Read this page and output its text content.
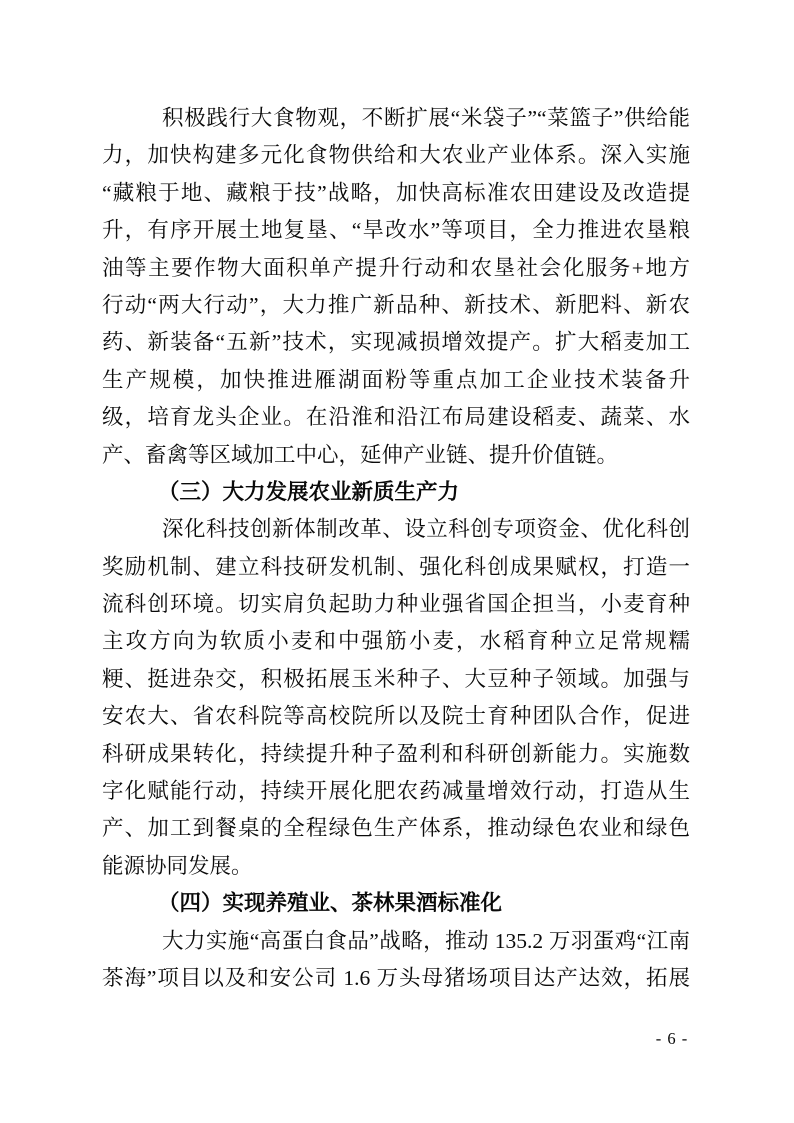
积极践行大食物观，不断扩展“米袋子”“菜篮子”供给能
力，加快构建多元化食物供给和大农业产业体系。深入实施
“藏粮于地、藏粮于技”战略，加快高标准农田建设及改造提
升，有序开展土地复垦、“旱改水”等项目，全力推进农垦粮
油等主要作物大面积单产提升行动和农垦社会化服务+地方
行动“两大行动”，大力推广新品种、新技术、新肥料、新农
药、新装备“五新”技术，实现减损增效提产。扩大稻麦加工
生产规模，加快推进雁湖面粉等重点加工企业技术装备升
级，培育龙头企业。在沿淮和沿江布局建设稻麦、蔬菜、水
产、畜禽等区域加工中心，延伸产业链、提升价值链。
（三）大力发展农业新质生产力
深化科技创新体制改革、设立科创专项资金、优化科创
奖励机制、建立科技研发机制、强化科创成果赋权，打造一
流科创环境。切实肩负起助力种业强省国企担当，小麦育种
主攻方向为软质小麦和中强筋小麦，水稻育种立足常规糯
粳、挺进杂交，积极拓展玉米种子、大豆种子领域。加强与
安农大、省农科院等高校院所以及院士育种团队合作，促进
科研成果转化，持续提升种子盈利和科研创新能力。实施数
字化赋能行动，持续开展化肥农药减量增效行动，打造从生
产、加工到餐桌的全程绿色生产体系，推动绿色农业和绿色
能源协同发展。
（四）实现养殖业、茶林果酒标准化
大力实施“高蛋白食品”战略，推动 135.2 万羽蛋鸡“江南
茶海”项目以及和安公司 1.6 万头母猪场项目达产达效，拓展
- 6 -
